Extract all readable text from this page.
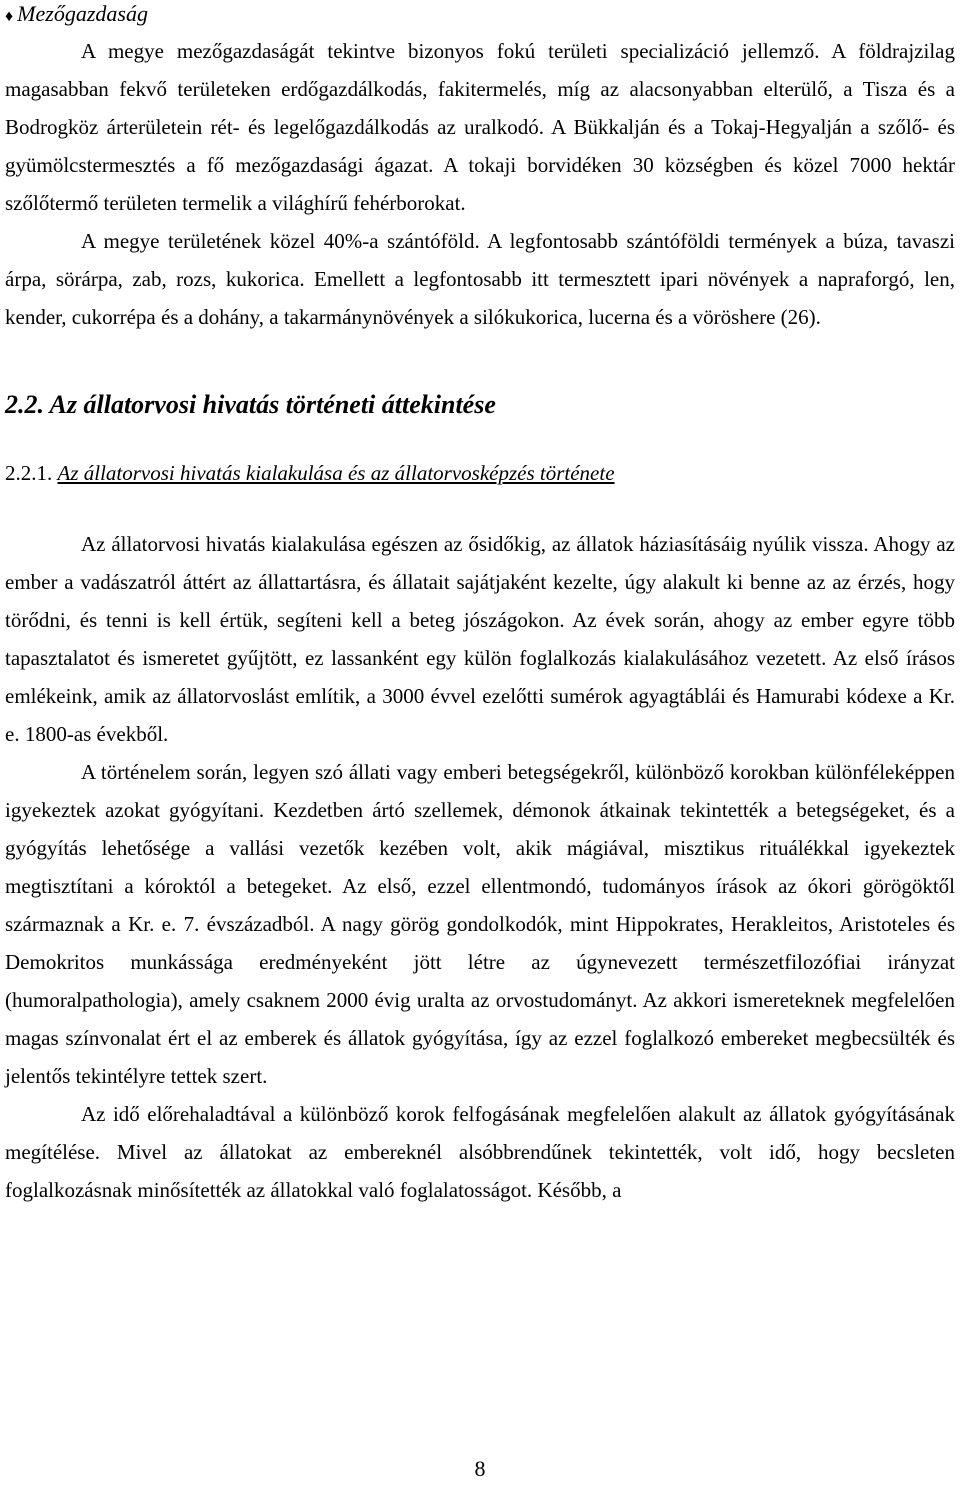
♦ Mezőgazdaság

A megye mezőgazdaságát tekintve bizonyos fokú területi specializáció jellemző. A földrajzilag magasabban fekvő területeken erdőgazdálkodás, fakitermelés, míg az alacsonyabban elterülő, a Tisza és a Bodrogköz árterületein rét- és legelőgazdálkodás az uralkodó. A Bükkalján és a Tokaj-Hegyalján a szőlő- és gyümölcstermesztés a fő mezőgazdasági ágazat. A tokaji borvidéken 30 községben és közel 7000 hektár szőlőtermő területen termelik a világhírű fehérborokat.

A megye területének közel 40%-a szántóföld. A legfontosabb szántóföldi termények a búza, tavaszi árpa, sörárpa, zab, rozs, kukorica. Emellett a legfontosabb itt termesztett ipari növények a napraforgó, len, kender, cukorrépa és a dohány, a takarmánynövények a silókukorica, lucerna és a vöröshere (26).

2.2. Az állatorvosi hivatás történeti áttekintése
2.2.1. Az állatorvosi hivatás kialakulása és az állatorvosképzés története

Az állatorvosi hivatás kialakulása egészen az ősidőkig, az állatok háziasításáig nyúlik vissza. Ahogy az ember a vadászatról áttért az állattartásra, és állatait sajátjaként kezelte, úgy alakult ki benne az az érzés, hogy törődni, és tenni is kell értük, segíteni kell a beteg jószágokon. Az évek során, ahogy az ember egyre több tapasztalatot és ismeretet gyűjtött, ez lassanként egy külön foglalkozás kialakulásához vezetett. Az első írásos emlékeink, amik az állatorvoslást említik, a 3000 évvel ezelőtti sumérok agyagtáblái és Hamurabi kódexe a Kr. e. 1800-as évekből.

A történelem során, legyen szó állati vagy emberi betegségekről, különböző korokban különféleképpen igyekeztek azokat gyógyítani. Kezdetben ártó szellemek, démonok átkainak tekintették a betegségeket, és a gyógyítás lehetősége a vallási vezetők kezében volt, akik mágiával, misztikus rituálékkal igyekeztek megtisztítani a kóroktól a betegeket. Az első, ezzel ellentmondó, tudományos írások az ókori görögöktől származnak a Kr. e. 7. évszázadból. A nagy görög gondolkodók, mint Hippokrates, Herakleitos, Aristoteles és Demokritos munkássága eredményeként jött létre az úgynevezett természetfilozófiai irányzat (humoralpathologia), amely csaknem 2000 évig uralta az orvostudományt. Az akkori ismereteknek megfelelően magas színvonalat ért el az emberek és állatok gyógyítása, így az ezzel foglalkozó embereket megbecsülték és jelentős tekintélyre tettek szert.

Az idő előrehaladtával a különböző korok felfogásának megfelelően alakult az állatok gyógyításának megítélése. Mivel az állatokat az embereknél alsóbbrendűnek tekintették, volt idő, hogy becsleten foglalkozásnak minősítették az állatokkal való foglalatosságot. Később, a

8
